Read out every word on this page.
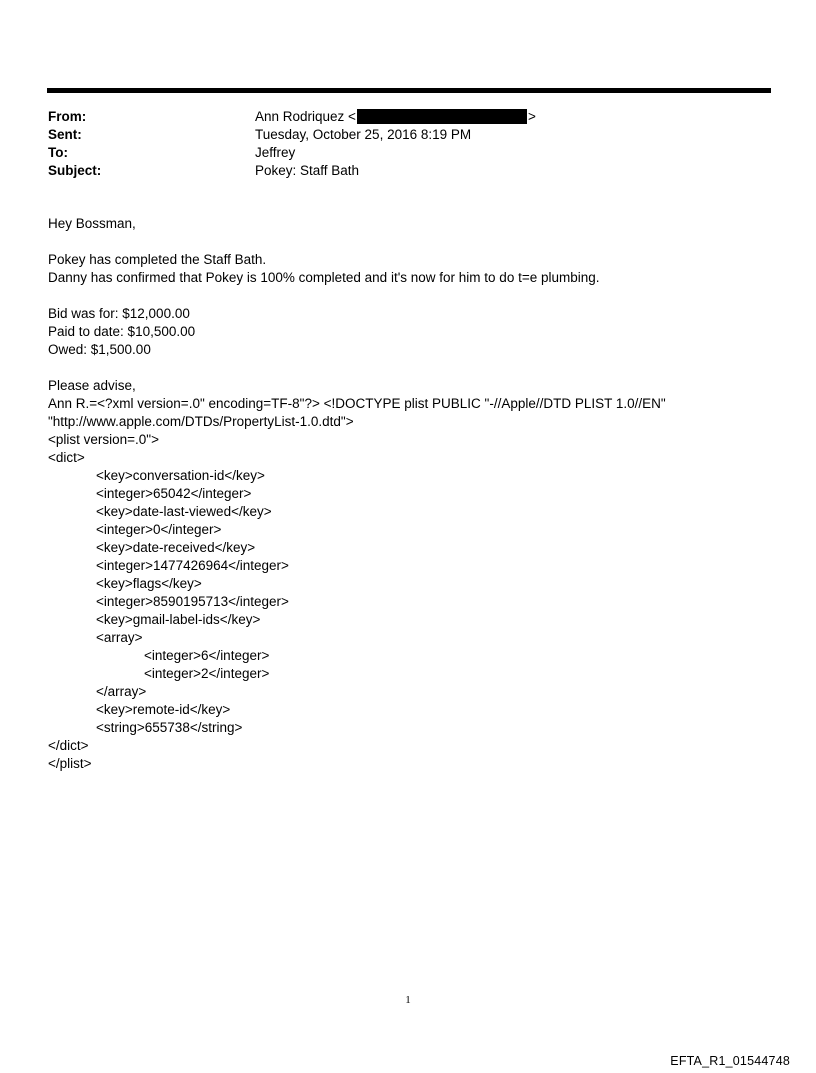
From:	Ann Rodriquez <	>
Sent:	Tuesday, October 25, 2016 8:19 PM
To:	Jeffrey
Subject:	Pokey: Staff Bath
Hey Bossman,
Pokey has completed the Staff Bath.
Danny has confirmed that Pokey is 100% completed and it's now for him to do t=e plumbing.
Bid was for: $12,000.00
Paid to date: $10,500.00
Owed: $1,500.00
Please advise,
Ann R.=<?xml version=.0" encoding=TF-8"?> <!DOCTYPE plist PUBLIC "-//Apple//DTD PLIST 1.0//EN"
"http://www.apple.com/DTDs/PropertyList-1.0.dtd">
<plist version=.0">
<dict>
<key>conversation-id</key>
<integer>65042</integer>
<key>date-last-viewed</key>
<integer>0</integer>
<key>date-received</key>
<integer>1477426964</integer>
<key>flags</key>
<integer>8590195713</integer>
<key>gmail-label-ids</key>
<array>
<integer>6</integer>
<integer>2</integer>
</array>
<key>remote-id</key>
<string>655738</string>
</dict>
</plist>
1
EFTA_R1_01544748
